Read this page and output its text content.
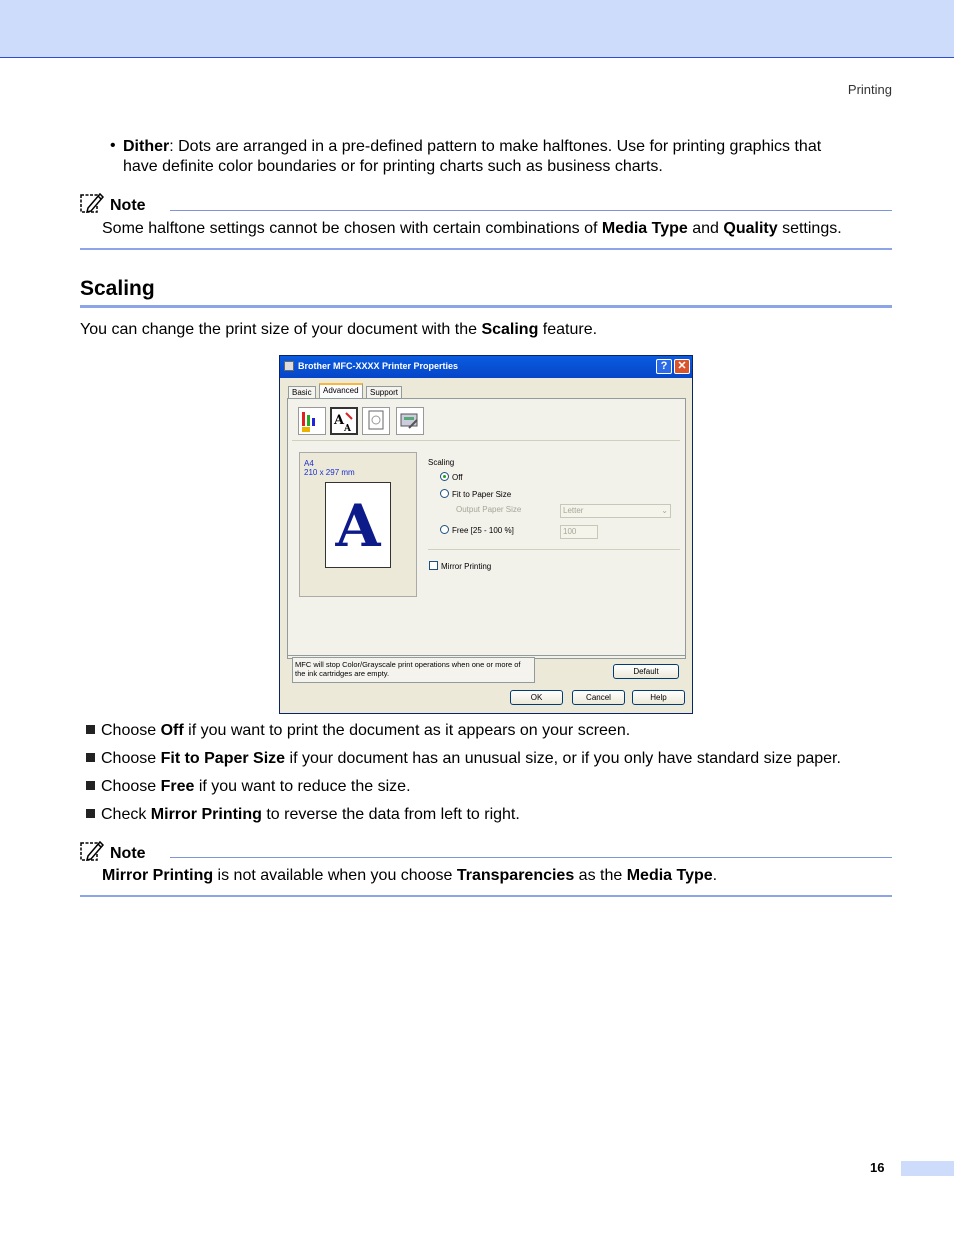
Printing
• Dither: Dots are arranged in a pre-defined pattern to make halftones. Use for printing graphics that
have definite color boundaries or for printing charts such as business charts.
Note
Some halftone settings cannot be chosen with certain combinations of Media Type and Quality settings.
Scaling
You can change the print size of your document with the Scaling feature.
Brother MFC-XXXX Printer Properties	? ✕
Basic	Advanced	Support
A
A
A4
210 x 297 mm
A
Scaling
Off
Fit to Paper Size
Output Paper Size	Letter	⌄
Free [25 - 100 %]	100
Mirror Printing
MFC will stop Color/Grayscale print operations when one or more of the ink cartridges are empty.	Default
OK	Cancel	Help
Choose Off if you want to print the document as it appears on your screen.
Choose Fit to Paper Size if your document has an unusual size, or if you only have standard size paper.
Choose Free if you want to reduce the size.
Check Mirror Printing to reverse the data from left to right.
Note
Mirror Printing is not available when you choose Transparencies as the Media Type.
16
